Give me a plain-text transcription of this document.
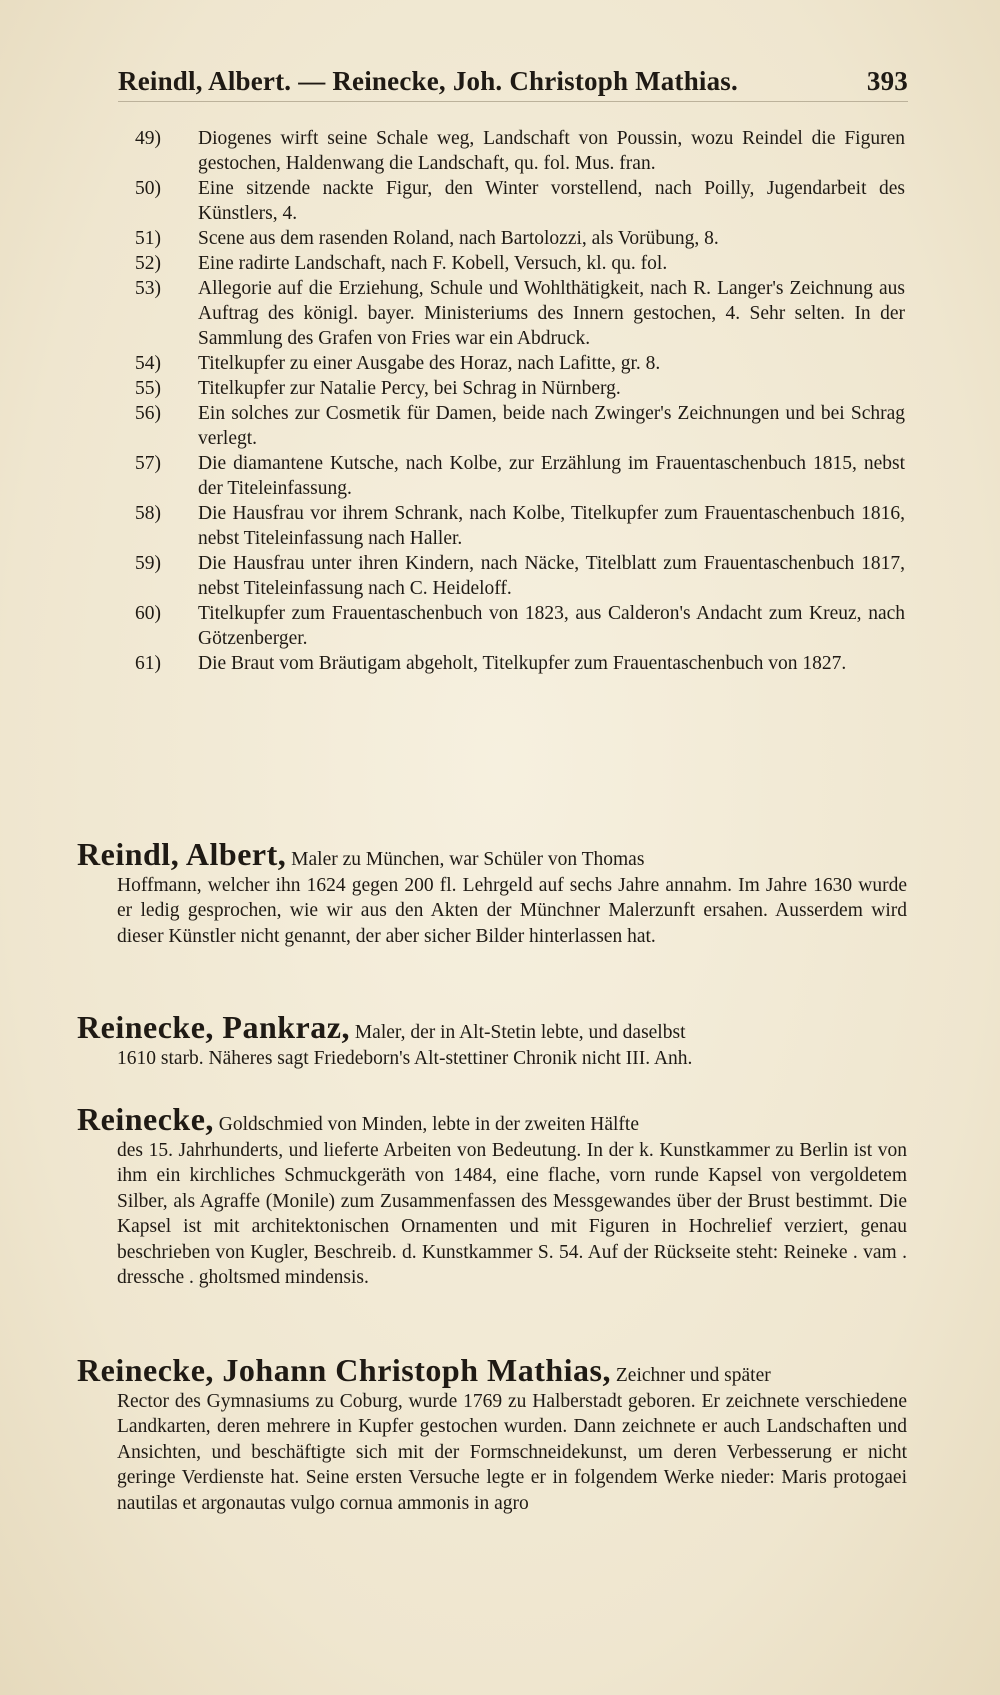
Reindl, Albert. — Reinecke, Joh. Christoph Mathias.	393
49)	Diogenes wirft seine Schale weg, Landschaft von Poussin, wozu Reindel die Figuren gestochen, Haldenwang die Landschaft, qu. fol. Mus. fran.
50)	Eine sitzende nackte Figur, den Winter vorstellend, nach Poilly, Jugendarbeit des Künstlers, 4.
51)	Scene aus dem rasenden Roland, nach Bartolozzi, als Vorübung, 8.
52)	Eine radirte Landschaft, nach F. Kobell, Versuch, kl. qu. fol.
53)	Allegorie auf die Erziehung, Schule und Wohlthätigkeit, nach R. Langer's Zeichnung aus Auftrag des königl. bayer. Ministeriums des Innern gestochen, 4. Sehr selten. In der Sammlung des Grafen von Fries war ein Abdruck.
54)	Titelkupfer zu einer Ausgabe des Horaz, nach Lafitte, gr. 8.
55)	Titelkupfer zur Natalie Percy, bei Schrag in Nürnberg.
56)	Ein solches zur Cosmetik für Damen, beide nach Zwinger's Zeichnungen und bei Schrag verlegt.
57)	Die diamantene Kutsche, nach Kolbe, zur Erzählung im Frauentaschenbuch 1815, nebst der Titeleinfassung.
58)	Die Hausfrau vor ihrem Schrank, nach Kolbe, Titelkupfer zum Frauentaschenbuch 1816, nebst Titeleinfassung nach Haller.
59)	Die Hausfrau unter ihren Kindern, nach Näcke, Titelblatt zum Frauentaschenbuch 1817, nebst Titeleinfassung nach C. Heideloff.
60)	Titelkupfer zum Frauentaschenbuch von 1823, aus Calderon's Andacht zum Kreuz, nach Götzenberger.
61)	Die Braut vom Bräutigam abgeholt, Titelkupfer zum Frauentaschenbuch von 1827.
Reindl, Albert, Maler zu München, war Schüler von Thomas
Hoffmann, welcher ihn 1624 gegen 200 fl. Lehrgeld auf sechs Jahre annahm. Im Jahre 1630 wurde er ledig gesprochen, wie wir aus den Akten der Münchner Malerzunft ersahen. Ausserdem wird dieser Künstler nicht genannt, der aber sicher Bilder hinterlassen hat.
Reinecke, Pankraz, Maler, der in Alt-Stetin lebte, und daselbst
1610 starb. Näheres sagt Friedeborn's Alt-stettiner Chronik nicht III. Anh.
Reinecke, Goldschmied von Minden, lebte in der zweiten Hälfte
des 15. Jahrhunderts, und lieferte Arbeiten von Bedeutung. In der k. Kunstkammer zu Berlin ist von ihm ein kirchliches Schmuckgeräth von 1484, eine flache, vorn runde Kapsel von vergoldetem Silber, als Agraffe (Monile) zum Zusammenfassen des Messgewandes über der Brust bestimmt. Die Kapsel ist mit architektonischen Ornamenten und mit Figuren in Hochrelief verziert, genau beschrieben von Kugler, Beschreib. d. Kunstkammer S. 54. Auf der Rückseite steht: Reineke . vam . dressche . gholtsmed mindensis.
Reinecke, Johann Christoph Mathias, Zeichner und später
Rector des Gymnasiums zu Coburg, wurde 1769 zu Halberstadt geboren. Er zeichnete verschiedene Landkarten, deren mehrere in Kupfer gestochen wurden. Dann zeichnete er auch Landschaften und Ansichten, und beschäftigte sich mit der Formschneidekunst, um deren Verbesserung er nicht geringe Verdienste hat. Seine ersten Versuche legte er in folgendem Werke nieder: Maris protogaei nautilas et argonautas vulgo cornua ammonis in agro
